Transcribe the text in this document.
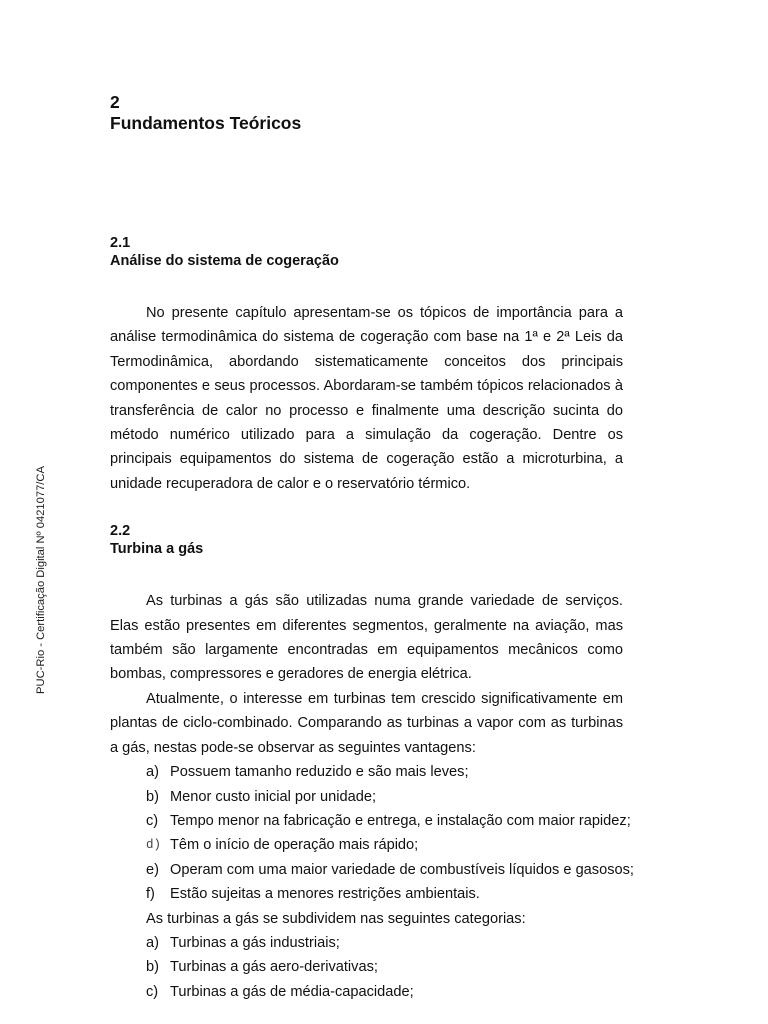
PUC-Rio - Certificação Digital Nº 0421077/CA

2

Fundamentos Teóricos

2.1

Análise do sistema de cogeração

No presente capítulo apresentam-se os tópicos de importância para a análise termodinâmica do sistema de cogeração com base na 1ª e 2ª Leis da Termodinâmica, abordando sistematicamente conceitos dos principais componentes e seus processos. Abordaram-se também tópicos relacionados à transferência de calor no processo e finalmente uma descrição sucinta do método numérico utilizado para a simulação da cogeração. Dentre os principais equipamentos do sistema de cogeração estão a microturbina, a unidade recuperadora de calor e o reservatório térmico.

2.2

Turbina a gás

As turbinas a gás são utilizadas numa grande variedade de serviços. Elas estão presentes em diferentes segmentos, geralmente na aviação, mas também são largamente encontradas em equipamentos mecânicos como bombas, compressores e geradores de energia elétrica.

Atualmente, o interesse em turbinas tem crescido significativamente em plantas de ciclo-combinado. Comparando as turbinas a vapor com as turbinas a gás, nestas pode-se observar as seguintes vantagens:

a) Possuem tamanho reduzido e são mais leves;
b) Menor custo inicial por unidade;
c) Tempo menor na fabricação e entrega, e instalação com maior rapidez;
d) Têm o início de operação mais rápido;
e) Operam com uma maior variedade de combustíveis líquidos e gasosos;
f) Estão sujeitas a menores restrições ambientais.

As turbinas a gás se subdividem nas seguintes categorias:

a) Turbinas a gás industriais;
b) Turbinas a gás aero-derivativas;
c) Turbinas a gás de média-capacidade;
